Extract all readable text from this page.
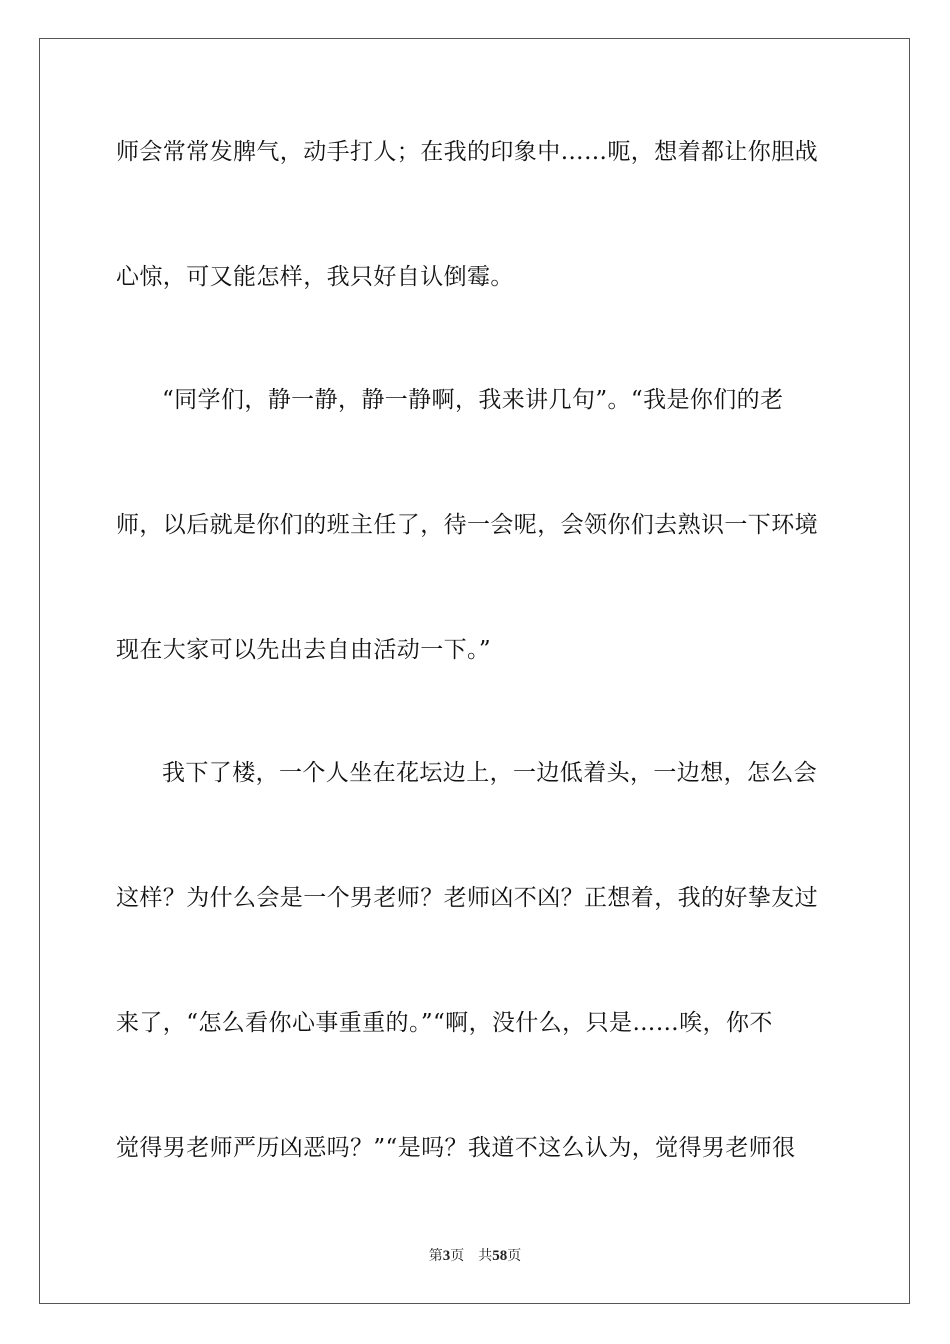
师会常常发脾气，动手打人；在我的印象中……呃，想着都让你胆战
心惊，可又能怎样，我只好自认倒霉。
“同学们，静一静，静一静啊，我来讲几句”。“我是你们的老
师，以后就是你们的班主任了，待一会呢，会领你们去熟识一下环境
现在大家可以先出去自由活动一下。”
我下了楼，一个人坐在花坛边上，一边低着头，一边想，怎么会
这样？为什么会是一个男老师？老师凶不凶？正想着，我的好挚友过
来了，“怎么看你心事重重的。”“啊，没什么，只是……唉，你不
觉得男老师严历凶恶吗？”“是吗？我道不这么认为，觉得男老师很
第3页 共58页
